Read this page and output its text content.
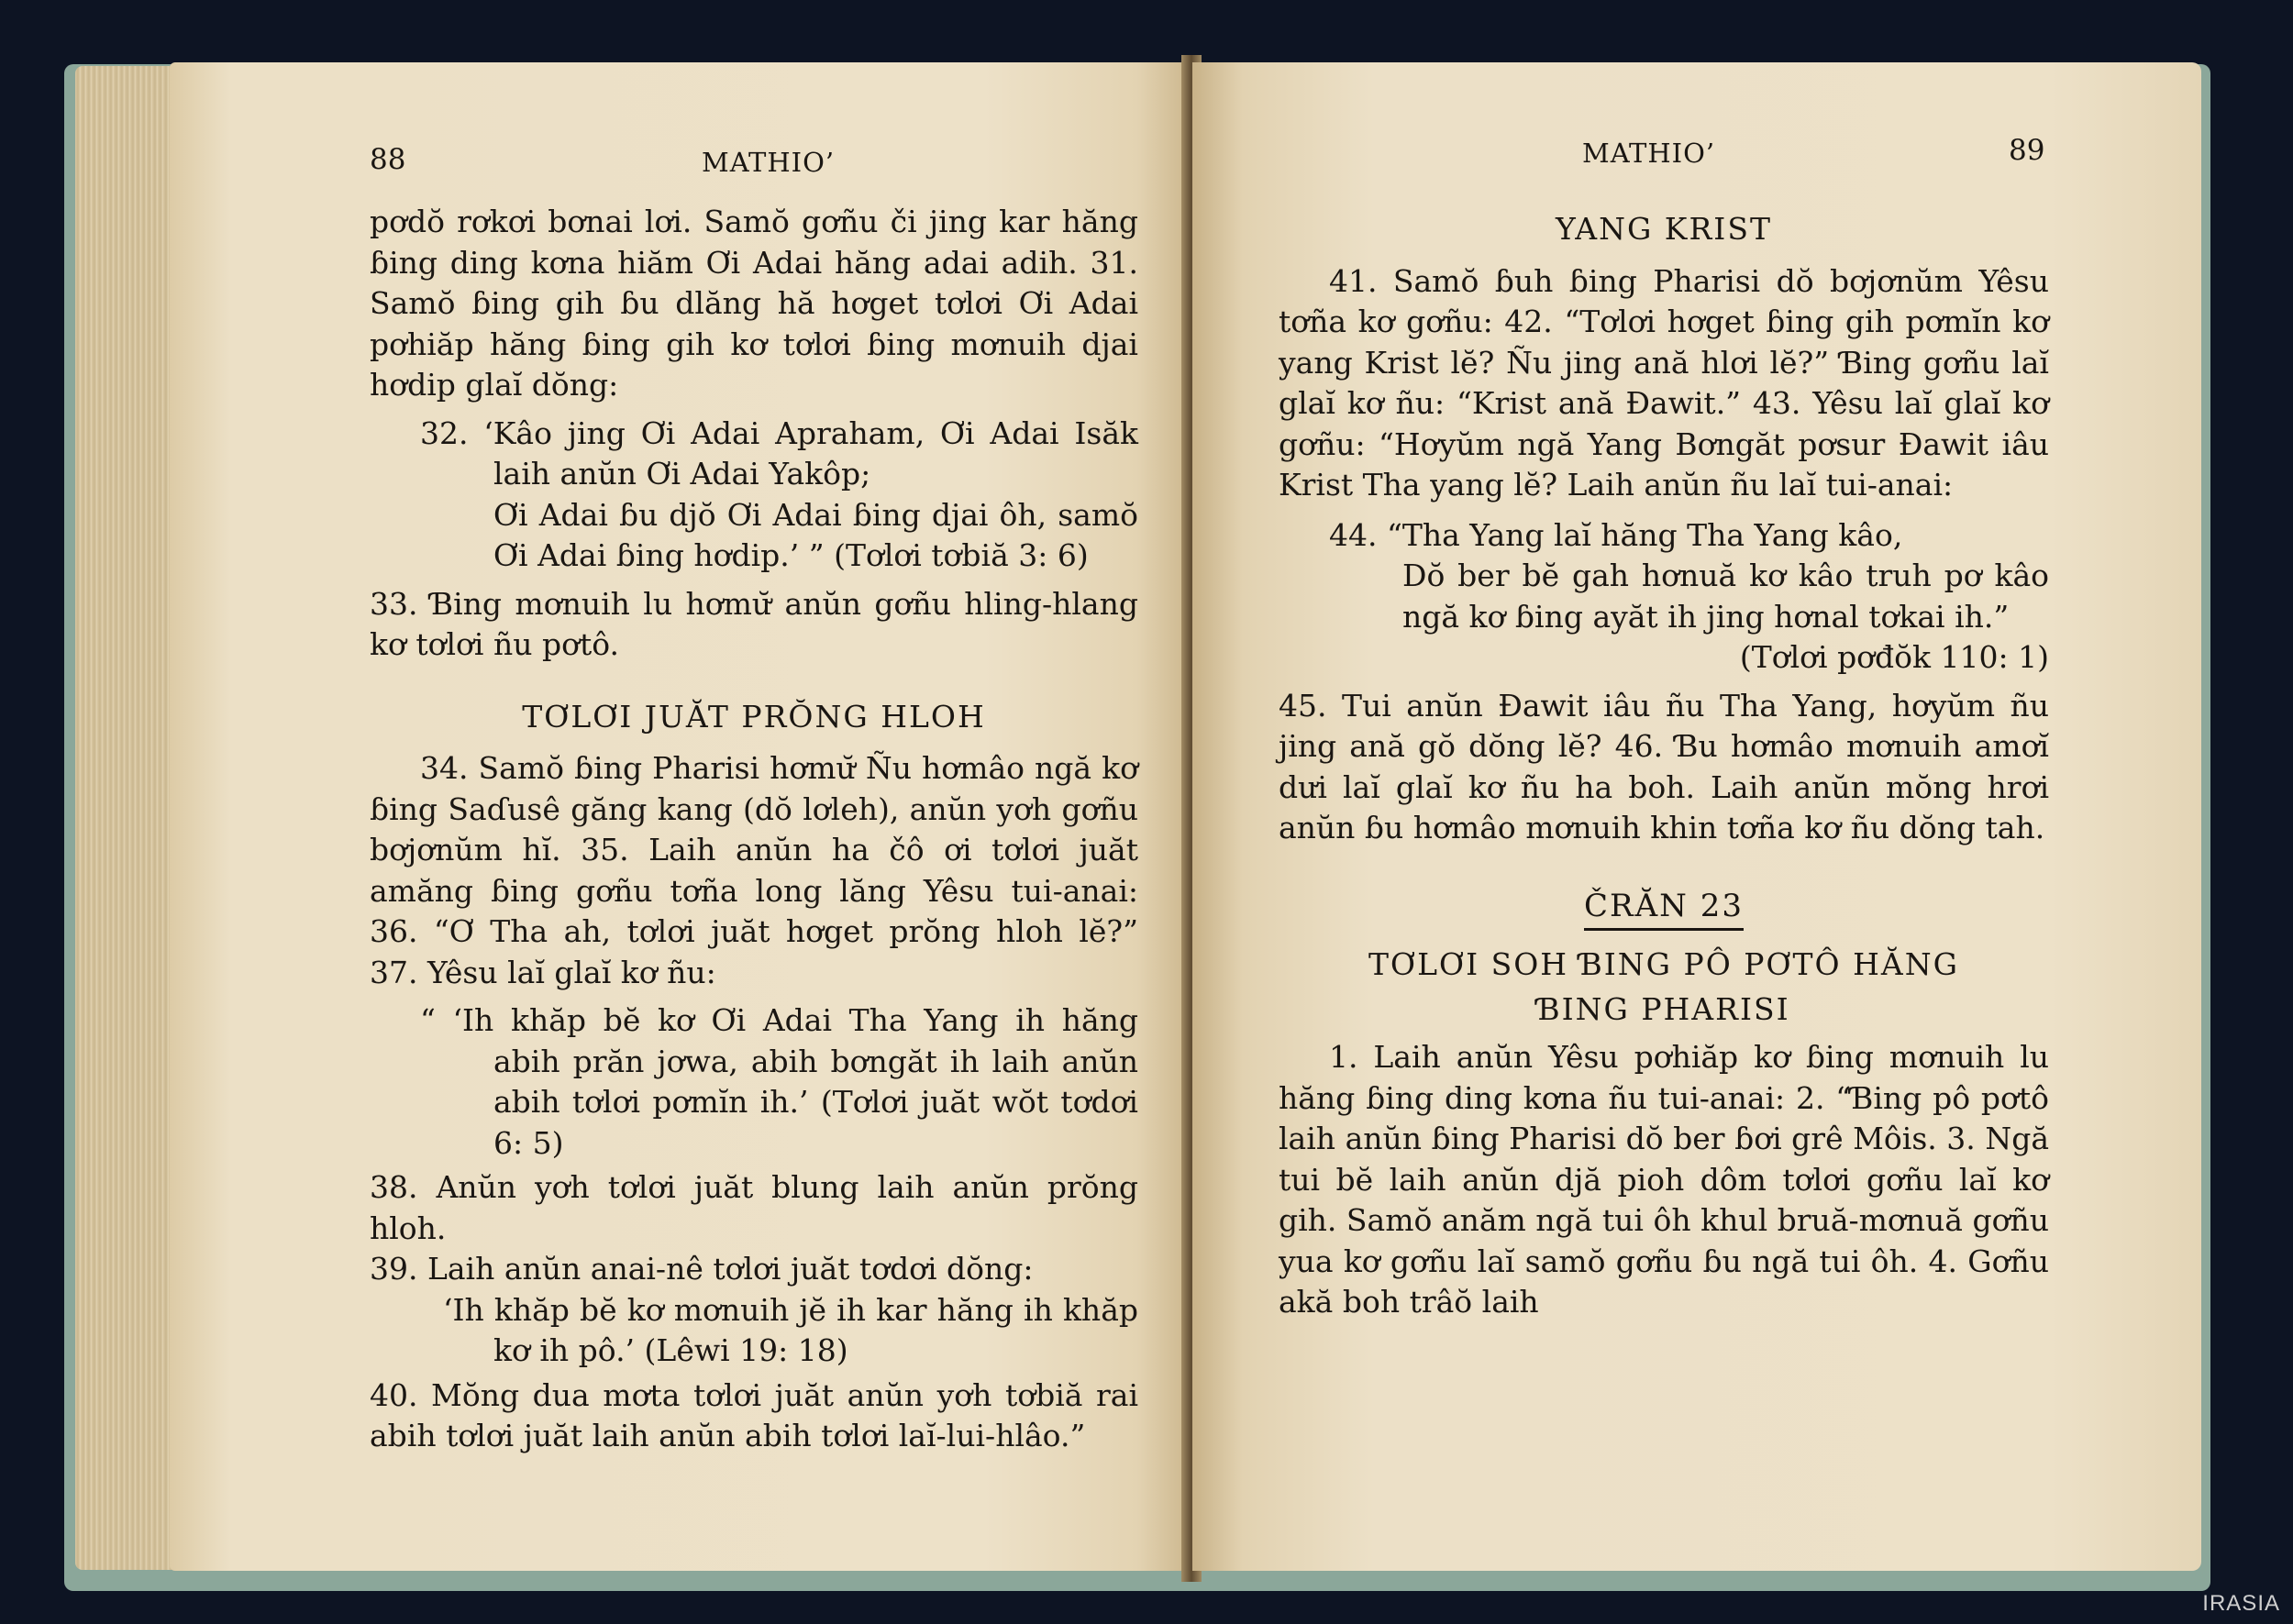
88	MATHIO’

pơdŏ rơkơi bơnai lơi. Samŏ gơñu či jing kar hăng ɓing ding kơna hiăm Ơi Adai hăng adai adih. 31. Samŏ ɓing gih ɓu dlăng hă hơget tơlơi Ơi Adai pơhiăp hăng ɓing gih kơ tơlơi ɓing mơnuih djai hơdip glaĭ dŏng:

32. ‘Kâo jing Ơi Adai Apraham, Ơi Adai Isăk laih anŭn Ơi Adai Yakôp;

Ơi Adai ɓu djŏ Ơi Adai ɓing djai ôh, samŏ Ơi Adai ɓing hơdip.’ ” (Tơlơi tơbiă 3: 6)

33. Ɓing mơnuih lu hơmư̆ anŭn gơñu hling-hlang kơ tơlơi ñu pơtô.

TƠLƠI JUĂT PRŎNG HLOH

34. Samŏ ɓing Pharisi hơmư̆ Ñu hơmâo ngă kơ ɓing Saɗusê găng kang (dŏ lơleh), anŭn yơh gơñu bơjơnŭm hĭ. 35. Laih anŭn ha čô ơi tơlơi juăt amăng ɓing gơñu tơña long lăng Yêsu tui-anai: 36. “Ơ Tha ah, tơlơi juăt hơget prŏng hloh lĕ?” 37. Yêsu laĭ glaĭ kơ ñu:

“ ‘Ih khăp bĕ kơ Ơi Adai Tha Yang ih hăng abih prăn jơwa, abih bơngăt ih laih anŭn abih tơlơi pơmĭn ih.’ (Tơlơi juăt wŏt tơdơi 6: 5)

38. Anŭn yơh tơlơi juăt blung laih anŭn prŏng hloh.

39. Laih anŭn anai-nê tơlơi juăt tơdơi dŏng:

‘Ih khăp bĕ kơ mơnuih jĕ ih kar hăng ih khăp kơ ih pô.’ (Lêwi 19: 18)

40. Mŏng dua mơta tơlơi juăt anŭn yơh tơbiă rai abih tơlơi juăt laih anŭn abih tơlơi laĭ-lui-hlâo.”

MATHIO’	89
YANG KRIST

41. Samŏ ɓuh ɓing Pharisi dŏ bơjơnŭm Yêsu tơña kơ gơñu: 42. “Tơlơi hơget ɓing gih pơmĭn kơ yang Krist lĕ? Ñu jing ană hlơi lĕ?” Ɓing gơñu laĭ glaĭ kơ ñu: “Krist ană Đawit.” 43. Yêsu laĭ glaĭ kơ gơñu: “Hơyŭm ngă Yang Bơngăt pơsur Đawit iâu Krist Tha yang lĕ? Laih anŭn ñu laĭ tui-anai:

44. “Tha Yang laĭ hăng Tha Yang kâo,

Dŏ ber bĕ gah hơnuă kơ kâo truh pơ kâo ngă kơ ɓing ayăt ih jing hơnal tơkai ih.”

(Tơlơi pơđŏk 110: 1)

45. Tui anŭn Đawit iâu ñu Tha Yang, hơyŭm ñu jing ană gŏ dŏng lĕ? 46. Ɓu hơmâo mơnuih amơĭ dưi laĭ glaĭ kơ ñu ha boh. Laih anŭn mŏng hrơi anŭn ɓu hơmâo mơnuih khin tơña kơ ñu dŏng tah.

ČRĂN 23
TƠLƠI SOH ƁING PÔ PƠTÔ HĂNG
ƁING PHARISI

1. Laih anŭn Yêsu pơhiăp kơ ɓing mơnuih lu hăng ɓing ding kơna ñu tui-anai: 2. “Ɓing pô pơtô laih anŭn ɓing Pharisi dŏ ber ɓơi grê Môis. 3. Ngă tui bĕ laih anŭn djă pioh dôm tơlơi gơñu laĭ kơ gih. Samŏ anăm ngă tui ôh khul bruă-mơnuă gơñu yua kơ gơñu laĭ samŏ gơñu ɓu ngă tui ôh. 4. Gơñu akă boh trâŏ laih

IRASIA
